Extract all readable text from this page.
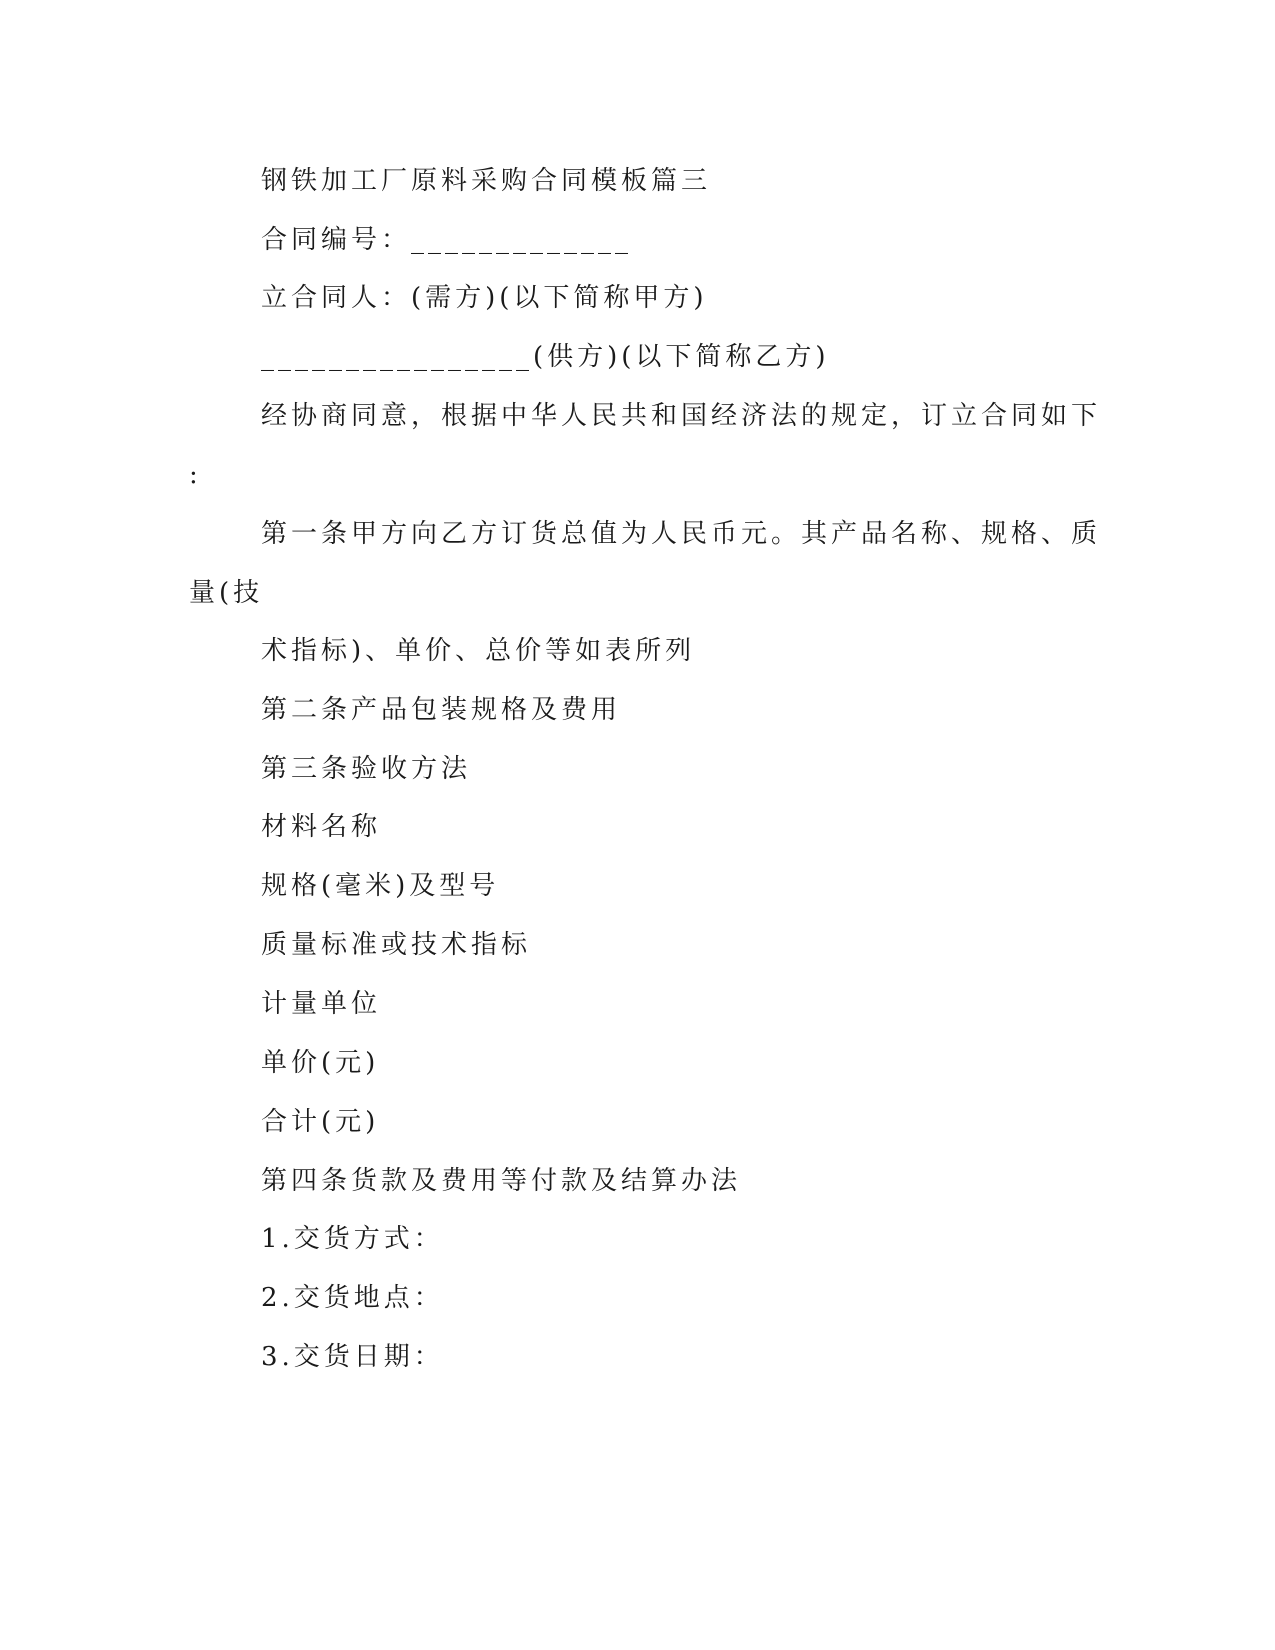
钢铁加工厂原料采购合同模板篇三
合同编号：_____________
立合同人：(需方)(以下简称甲方)
________________(供方)(以下简称乙方)
经协商同意，根据中华人民共和国经济法的规定，订立合同如下
:
第一条甲方向乙方订货总值为人民币元。其产品名称、规格、质
量(技
术指标)、单价、总价等如表所列
第二条产品包装规格及费用
第三条验收方法
材料名称
规格(毫米)及型号
质量标准或技术指标
计量单位
单价(元)
合计(元)
第四条货款及费用等付款及结算办法
1.交货方式：
2.交货地点：
3.交货日期：
